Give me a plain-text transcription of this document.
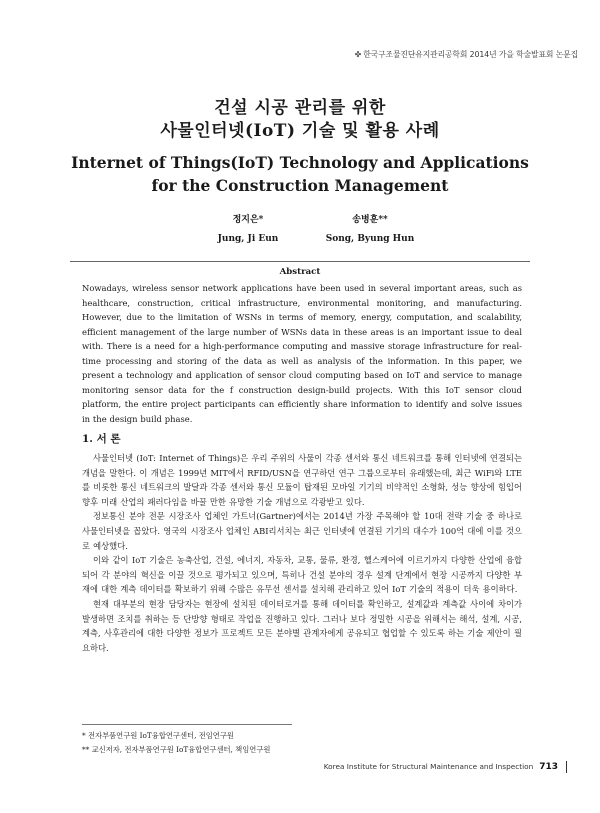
✤ 한국구조물진단유지관리공학회 2014년 가을 학술발표회 논문집
건설 시공 관리를 위한
사물인터넷(IoT) 기술 및 활용 사례
Internet of Things(IoT) Technology and Applications
for the Construction Management
정지은*
Jung, Ji Eun
송병훈**
Song, Byung Hun
Abstract

Nowadays, wireless sensor network applications have been used in several important areas, such as healthcare, construction, critical infrastructure, environmental monitoring, and manufacturing. However, due to the limitation of WSNs in terms of memory, energy, computation, and scalability, efficient management of the large number of WSNs data in these areas is an important issue to deal with. There is a need for a high-performance computing and massive storage infrastructure for real-time processing and storing of the data as well as analysis of the information. In this paper, we present a technology and application of sensor cloud computing based on IoT and service to manage monitoring sensor data for the f construction design-build projects. With this IoT sensor cloud platform, the entire project participants can efficiently share information to identify and solve issues in the design build phase.

1. 서 론

사물인터넷 (IoT: Internet of Things)은 우리 주위의 사물이 각종 센서와 통신 네트워크를 통해 인터넷에 연결되는 개념을 말한다. 이 개념은 1999년 MIT에서 RFID/USN을 연구하던 연구 그룹으로부터 유래했는데, 최근 WiFi와 LTE를 비롯한 통신 네트워크의 발달과 각종 센서와 통신 모듈이 탑재된 모바일 기기의 비약적인 소형화, 성능 향상에 힘입어 향후 미래 산업의 패러다임을 바꿀 만한 유망한 기술 개념으로 각광받고 있다.

정보통신 분야 전문 시장조사 업체인 가트너(Gartner)에서는 2014년 가장 주목해야 할 10대 전략 기술 중 하나로 사물인터넷을 꼽았다. 영국의 시장조사 업체인 ABI리서치는 최근 인터넷에 연결된 기기의 대수가 100억 대에 이를 것으로 예상했다.

이와 같이 IoT 기술은 농축산업, 건설, 에너지, 자동차, 교통, 물류, 환경, 헬스케어에 이르기까지 다양한 산업에 융합되어 각 분야의 혁신을 이끌 것으로 평가되고 있으며, 특히나 건설 분야의 경우 설계 단계에서 현장 시공까지 다양한 부재에 대한 계측 데이터를 확보하기 위해 수많은 유무선 센서를 설치해 관리하고 있어 IoT 기술의 적용이 더욱 용이하다.

현재 대부분의 현장 담당자는 현장에 설치된 데이터로거를 통해 데이터를 확인하고, 설계값과 계측값 사이에 차이가 발생하면 조치를 취하는 등 단방향 형태로 작업을 진행하고 있다. 그러나 보다 정밀한 시공을 위해서는 해석, 설계, 시공, 계측, 사후관리에 대한 다양한 정보가 프로젝트 모든 분야별 관계자에게 공유되고 협업할 수 있도록 하는 기술 제안이 필요하다.

* 전자부품연구원 IoT융합연구센터, 전임연구원
** 교신저자, 전자부품연구원 IoT융합연구센터, 책임연구원
Korea Institute for Structural Maintenance and Inspection 713
